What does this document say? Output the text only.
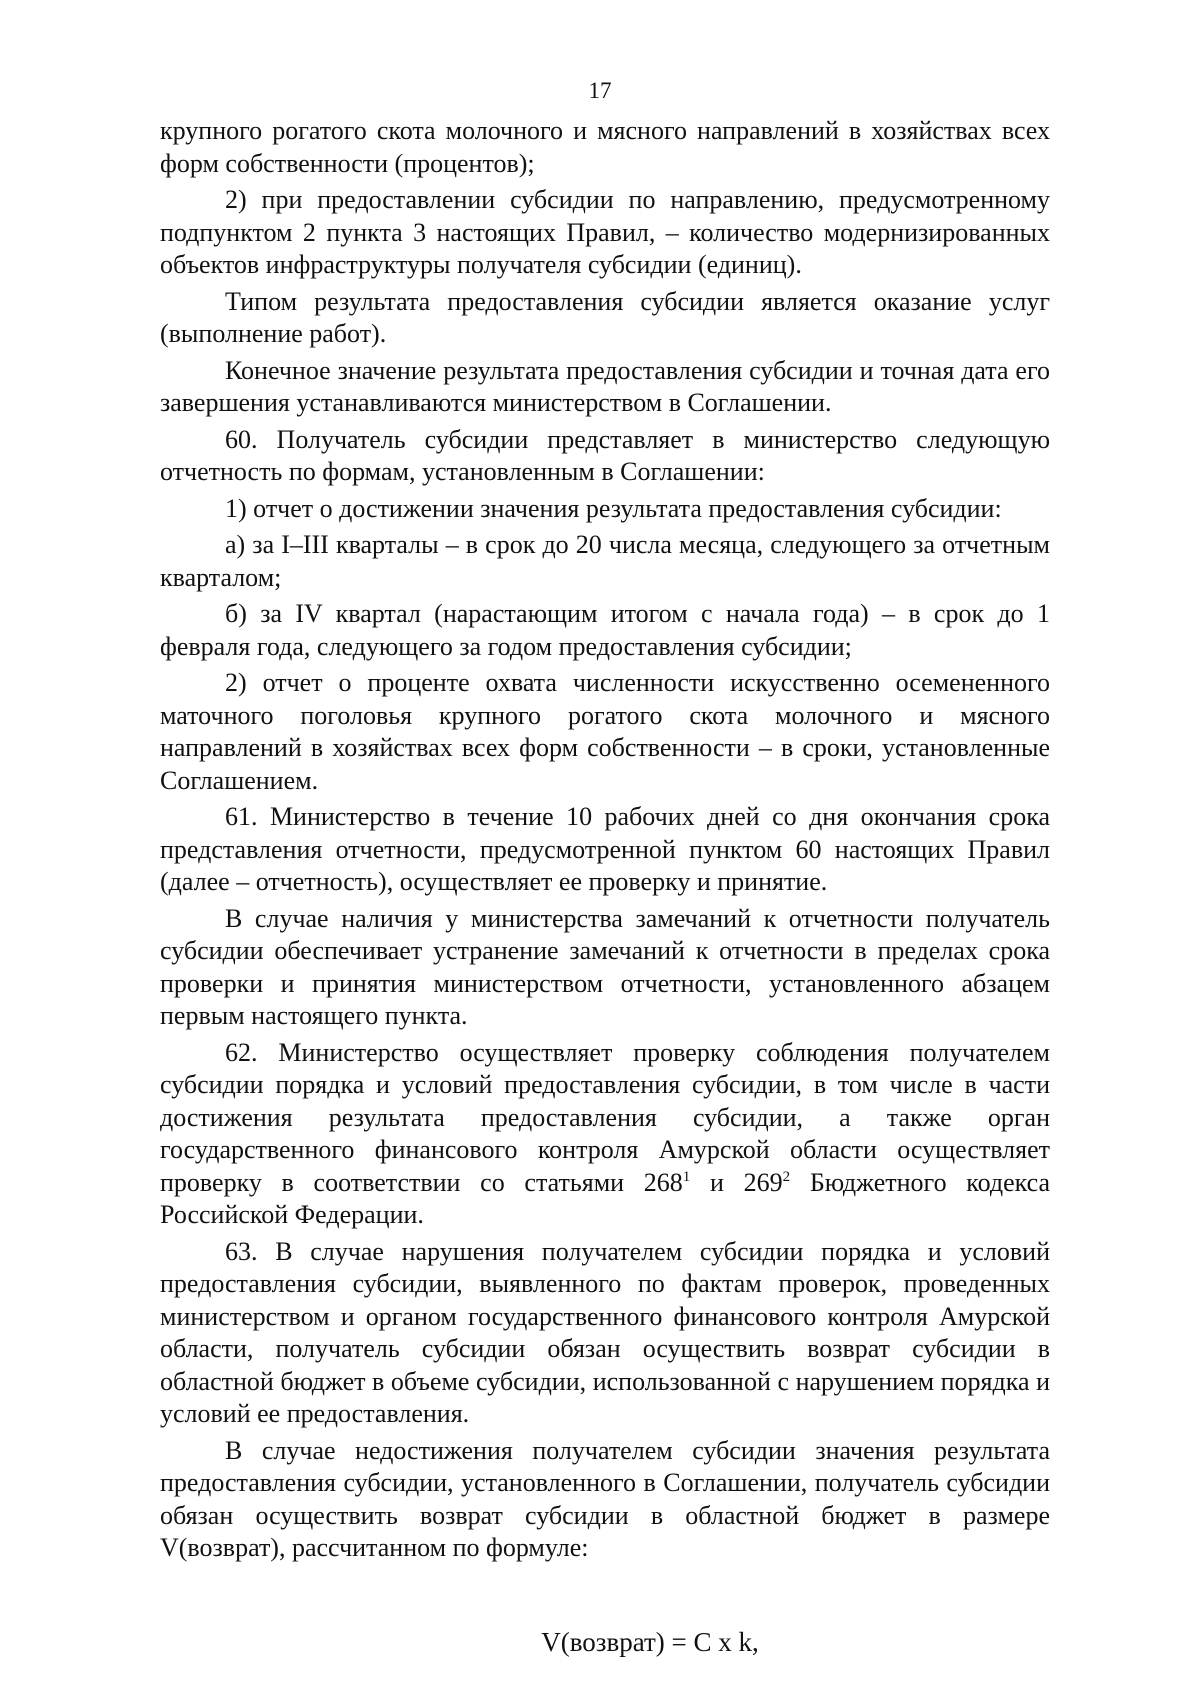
17

крупного рогатого скота молочного и мясного направлений в хозяйствах всех форм собственности (процентов);

2) при предоставлении субсидии по направлению, предусмотренному подпунктом 2 пункта 3 настоящих Правил, – количество модернизированных объектов инфраструктуры получателя субсидии (единиц).

Типом результата предоставления субсидии является оказание услуг (выполнение работ).

Конечное значение результата предоставления субсидии и точная дата его завершения устанавливаются министерством в Соглашении.

60. Получатель субсидии представляет в министерство следующую отчетность по формам, установленным в Соглашении:

1) отчет о достижении значения результата предоставления субсидии:

а) за I–III кварталы – в срок до 20 числа месяца, следующего за отчетным кварталом;

б) за IV квартал (нарастающим итогом с начала года) – в срок до 1 февраля года, следующего за годом предоставления субсидии;

2) отчет о проценте охвата численности искусственно осемененного маточного поголовья крупного рогатого скота молочного и мясного направлений в хозяйствах всех форм собственности – в сроки, установленные Соглашением.

61. Министерство в течение 10 рабочих дней со дня окончания срока представления отчетности, предусмотренной пунктом 60 настоящих Правил (далее – отчетность), осуществляет ее проверку и принятие.

В случае наличия у министерства замечаний к отчетности получатель субсидии обеспечивает устранение замечаний к отчетности в пределах срока проверки и принятия министерством отчетности, установленного абзацем первым настоящего пункта.

62. Министерство осуществляет проверку соблюдения получателем субсидии порядка и условий предоставления субсидии, в том числе в части достижения результата предоставления субсидии, а также орган государственного финансового контроля Амурской области осуществляет проверку в соответствии со статьями $268^1$ и $269^2$ Бюджетного кодекса Российской Федерации.

63. В случае нарушения получателем субсидии порядка и условий предоставления субсидии, выявленного по фактам проверок, проведенных министерством и органом государственного финансового контроля Амурской области, получатель субсидии обязан осуществить возврат субсидии в областной бюджет в объеме субсидии, использованной с нарушением порядка и условий ее предоставления.

В случае недостижения получателем субсидии значения результата предоставления субсидии, установленного в Соглашении, получатель субсидии обязан осуществить возврат субсидии в областной бюджет в размере V(возврат), рассчитанном по формуле:

V(возврат) = C x k,
